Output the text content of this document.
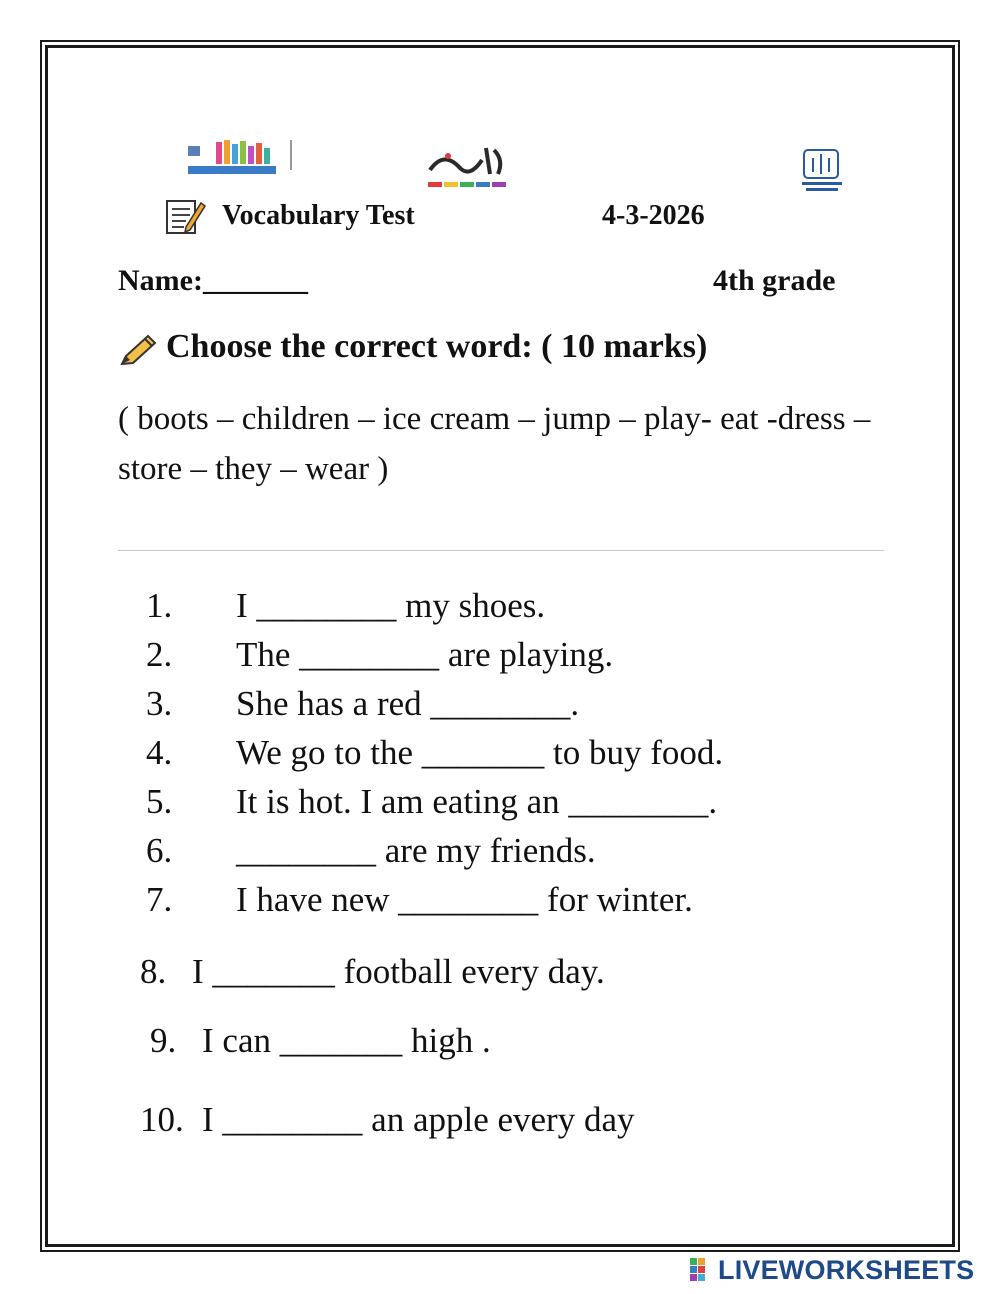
Vocabulary Test	4-3-2026
Name:_______	4th grade
Choose the correct word: ( 10 marks)
( boots – children – ice cream – jump – play- eat -dress – store – they – wear )
1. I ________ my shoes.
2. The ________ are playing.
3. She has a red ________.
4. We go to the _______ to buy food.
5. It is hot. I am eating an ________.
6. ________ are my friends.
7. I have new ________ for winter.
8. I _______ football every day.
9. I can _______ high .
10. I ________ an apple every day
LIVEWORKSHEETS
